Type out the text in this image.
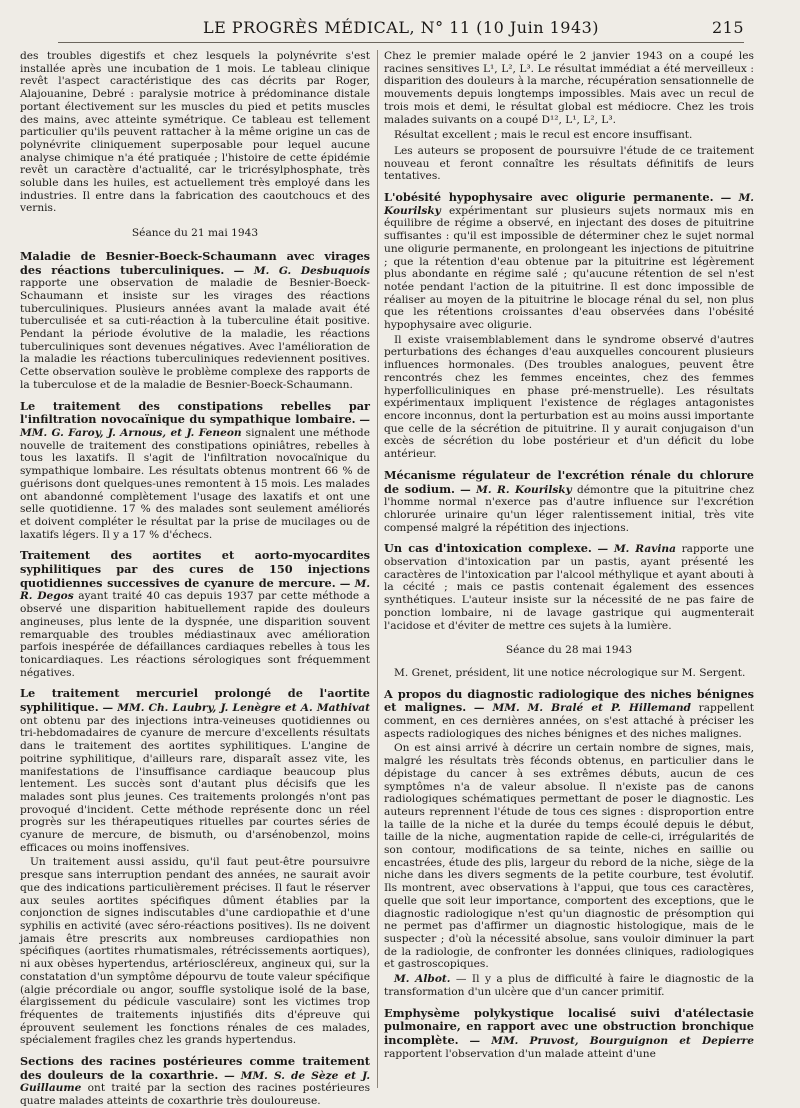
LE PROGRÈS MÉDICAL, N° 11 (10 Juin 1943)	215

des troubles digestifs et chez lesquels la polynévrite s'est installée après une incubation de 1 mois. Le tableau clinique revêt l'aspect caractéristique des cas décrits par Roger, Alajouanine, Debré : paralysie motrice à prédominance distale portant électivement sur les muscles du pied et petits muscles des mains, avec atteinte symétrique. Ce tableau est tellement particulier qu'ils peuvent rattacher à la même origine un cas de polynévrite cliniquement superposable pour lequel aucune analyse chimique n'a été pratiquée ; l'histoire de cette épidémie revêt un caractère d'actualité, car le tricrésylphosphate, très soluble dans les huiles, est actuellement très employé dans les industries. Il entre dans la fabrication des caoutchoucs et des vernis.

Séance du 21 mai 1943

Maladie de Besnier-Boeck-Schaumann avec virages des réactions tuberculiniques. — M. G. Desbuquois rapporte une observation de maladie de Besnier-Boeck-Schaumann et insiste sur les virages des réactions tuberculiniques. Plusieurs années avant la malade avait été tuberculisée et sa cuti-réaction à la tuberculine était positive. Pendant la période évolutive de la maladie, les réactions tuberculiniques sont devenues négatives. Avec l'amélioration de la maladie les réactions tuberculiniques redeviennent positives. Cette observation soulève le problème complexe des rapports de la tuberculose et de la maladie de Besnier-Boeck-Schaumann.

Le traitement des constipations rebelles par l'infiltration novocaïnique du sympathique lombaire. — MM. G. Faroy, J. Arnous, et J. Feneon signalent une méthode nouvelle de traitement des constipations opiniâtres, rebelles à tous les laxatifs. Il s'agit de l'infiltration novocaïnique du sympathique lombaire. Les résultats obtenus montrent 66 % de guérisons dont quelques-unes remontent à 15 mois. Les malades ont abandonné complètement l'usage des laxatifs et ont une selle quotidienne. 17 % des malades sont seulement améliorés et doivent compléter le résultat par la prise de mucilages ou de laxatifs légers. Il y a 17 % d'échecs.

Traitement des aortites et aorto-myocardites syphilitiques par des cures de 150 injections quotidiennes successives de cyanure de mercure. — M. R. Degos ayant traité 40 cas depuis 1937 par cette méthode a observé une disparition habituellement rapide des douleurs angineuses, plus lente de la dyspnée, une disparition souvent remarquable des troubles médiastinaux avec amélioration parfois inespérée de défaillances cardiaques rebelles à tous les tonicardiaques. Les réactions sérologiques sont fréquemment négatives.

Le traitement mercuriel prolongé de l'aortite syphilitique. — MM. Ch. Laubry, J. Lenègre et A. Mathivat ont obtenu par des injections intra-veineuses quotidiennes ou tri-hebdomadaires de cyanure de mercure d'excellents résultats dans le traitement des aortites syphilitiques. L'angine de poitrine syphilitique, d'ailleurs rare, disparaît assez vite, les manifestations de l'insuffisance cardiaque beaucoup plus lentement. Les succès sont d'autant plus décisifs que les malades sont plus jeunes. Ces traitements prolongés n'ont pas provoqué d'incident. Cette méthode représente donc un réel progrès sur les thérapeutiques rituelles par courtes séries de cyanure de mercure, de bismuth, ou d'arsénobenzol, moins efficaces ou moins inoffensives.

Un traitement aussi assidu, qu'il faut peut-être poursuivre presque sans interruption pendant des années, ne saurait avoir que des indications particulièrement précises. Il faut le réserver aux seules aortites spécifiques dûment établies par la conjonction de signes indiscutables d'une cardiopathie et d'une syphilis en activité (avec séro-réactions positives). Ils ne doivent jamais être prescrits aux nombreuses cardiopathies non spécifiques (aortites rhumatismales, rétrécissements aortiques), ni aux obèses hypertendus, artérioscléreux, angineux qui, sur la constatation d'un symptôme dépourvu de toute valeur spécifique (algie précordiale ou angor, souffle systolique isolé de la base, élargissement du pédicule vasculaire) sont les victimes trop fréquentes de traitements injustifiés dits d'épreuve qui éprouvent seulement les fonctions rénales de ces malades, spécialement fragiles chez les grands hypertendus.

Sections des racines postérieures comme traitement des douleurs de la coxarthrie. — MM. S. de Sèze et J. Guillaume ont traité par la section des racines postérieures quatre malades atteints de coxarthrie très douloureuse.

Chez le premier malade opéré le 2 janvier 1943 on a coupé les racines sensitives L¹, L², L³. Le résultat immédiat a été merveilleux : disparition des douleurs à la marche, récupération sensationnelle de mouvements depuis longtemps impossibles. Mais avec un recul de trois mois et demi, le résultat global est médiocre. Chez les trois malades suivants on a coupé D¹², L¹, L², L³.

Résultat excellent ; mais le recul est encore insuffisant.

Les auteurs se proposent de poursuivre l'étude de ce traitement nouveau et feront connaître les résultats définitifs de leurs tentatives.

L'obésité hypophysaire avec oligurie permanente. — M. Kourilsky expérimentant sur plusieurs sujets normaux mis en équilibre de régime a observé, en injectant des doses de pituitrine suffisantes : qu'il est impossible de déterminer chez le sujet normal une oligurie permanente, en prolongeant les injections de pituitrine ; que la rétention d'eau obtenue par la pituitrine est légèrement plus abondante en régime salé ; qu'aucune rétention de sel n'est notée pendant l'action de la pituitrine. Il est donc impossible de réaliser au moyen de la pituitrine le blocage rénal du sel, non plus que les rétentions croissantes d'eau observées dans l'obésité hypophysaire avec oligurie.

Il existe vraisemblablement dans le syndrome observé d'autres perturbations des échanges d'eau auxquelles concourent plusieurs influences hormonales. (Des troubles analogues, peuvent être rencontrés chez les femmes enceintes, chez des femmes hyperfolliculiniques en phase pré-menstruelle). Les résultats expérimentaux impliquent l'existence de réglages antagonistes encore inconnus, dont la perturbation est au moins aussi importante que celle de la sécrétion de pituitrine. Il y aurait conjugaison d'un excès de sécrétion du lobe postérieur et d'un déficit du lobe antérieur.

Mécanisme régulateur de l'excrétion rénale du chlorure de sodium. — M. R. Kourilsky démontre que la pituitrine chez l'homme normal n'exerce pas d'autre influence sur l'excrétion chlorurée urinaire qu'un léger ralentissement initial, très vite compensé malgré la répétition des injections.

Un cas d'intoxication complexe. — M. Ravina rapporte une observation d'intoxication par un pastis, ayant présenté les caractères de l'intoxication par l'alcool méthylique et ayant abouti à la cécité ; mais ce pastis contenait également des essences synthétiques. L'auteur insiste sur la nécessité de ne pas faire de ponction lombaire, ni de lavage gastrique qui augmenterait l'acidose et d'éviter de mettre ces sujets à la lumière.

Séance du 28 mai 1943

M. Grenet, président, lit une notice nécrologique sur M. Sergent.

A propos du diagnostic radiologique des niches bénignes et malignes. — MM. M. Bralé et P. Hillemand rappellent comment, en ces dernières années, on s'est attaché à préciser les aspects radiologiques des niches bénignes et des niches malignes.

On est ainsi arrivé à décrire un certain nombre de signes, mais, malgré les résultats très féconds obtenus, en particulier dans le dépistage du cancer à ses extrêmes débuts, aucun de ces symptômes n'a de valeur absolue. Il n'existe pas de canons radiologiques schématiques permettant de poser le diagnostic. Les auteurs reprennent l'étude de tous ces signes : disproportion entre la taille de la niche et la durée du temps écoulé depuis le début, taille de la niche, augmentation rapide de celle-ci, irrégularités de son contour, modifications de sa teinte, niches en saillie ou encastrées, étude des plis, largeur du rebord de la niche, siège de la niche dans les divers segments de la petite courbure, test évolutif. Ils montrent, avec observations à l'appui, que tous ces caractères, quelle que soit leur importance, comportent des exceptions, que le diagnostic radiologique n'est qu'un diagnostic de présomption qui ne permet pas d'affirmer un diagnostic histologique, mais de le suspecter ; d'où la nécessité absolue, sans vouloir diminuer la part de la radiologie, de confronter les données cliniques, radiologiques et gastroscopiques.

M. Albot. — Il y a plus de difficulté à faire le diagnostic de la transformation d'un ulcère que d'un cancer primitif.

Emphysème polykystique localisé suivi d'atélectasie pulmonaire, en rapport avec une obstruction bronchique incomplète. — MM. Pruvost, Bourguignon et Depierre rapportent l'observation d'un malade atteint d'une
